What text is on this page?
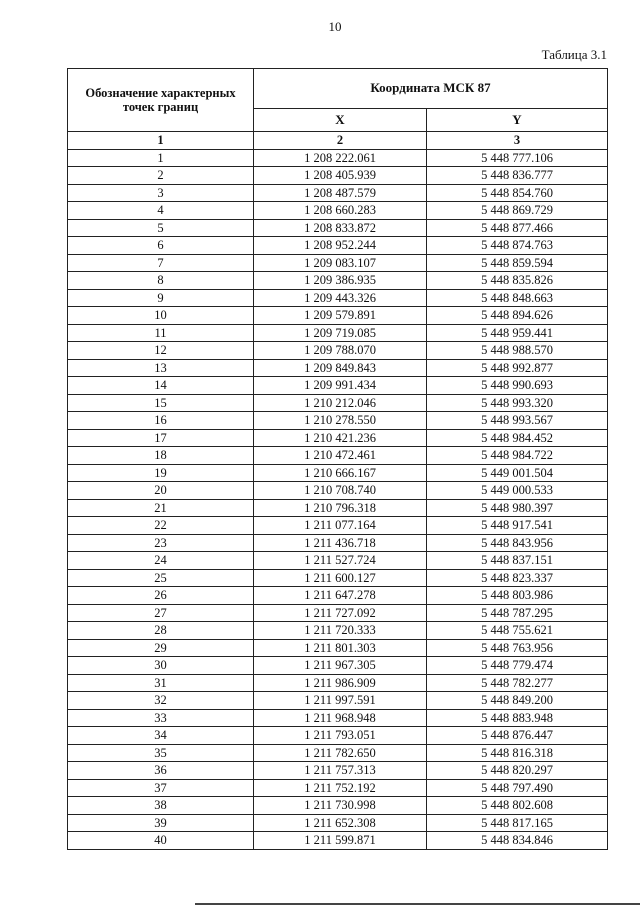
10
Таблица 3.1
Обозначение характерных точек границ	Координата МСК 87	
	X	Y
1	2	3
1	1 208 222.061	5 448 777.106
2	1 208 405.939	5 448 836.777
3	1 208 487.579	5 448 854.760
4	1 208 660.283	5 448 869.729
5	1 208 833.872	5 448 877.466
6	1 208 952.244	5 448 874.763
7	1 209 083.107	5 448 859.594
8	1 209 386.935	5 448 835.826
9	1 209 443.326	5 448 848.663
10	1 209 579.891	5 448 894.626
11	1 209 719.085	5 448 959.441
12	1 209 788.070	5 448 988.570
13	1 209 849.843	5 448 992.877
14	1 209 991.434	5 448 990.693
15	1 210 212.046	5 448 993.320
16	1 210 278.550	5 448 993.567
17	1 210 421.236	5 448 984.452
18	1 210 472.461	5 448 984.722
19	1 210 666.167	5 449 001.504
20	1 210 708.740	5 449 000.533
21	1 210 796.318	5 448 980.397
22	1 211 077.164	5 448 917.541
23	1 211 436.718	5 448 843.956
24	1 211 527.724	5 448 837.151
25	1 211 600.127	5 448 823.337
26	1 211 647.278	5 448 803.986
27	1 211 727.092	5 448 787.295
28	1 211 720.333	5 448 755.621
29	1 211 801.303	5 448 763.956
30	1 211 967.305	5 448 779.474
31	1 211 986.909	5 448 782.277
32	1 211 997.591	5 448 849.200
33	1 211 968.948	5 448 883.948
34	1 211 793.051	5 448 876.447
35	1 211 782.650	5 448 816.318
36	1 211 757.313	5 448 820.297
37	1 211 752.192	5 448 797.490
38	1 211 730.998	5 448 802.608
39	1 211 652.308	5 448 817.165
40	1 211 599.871	5 448 834.846
